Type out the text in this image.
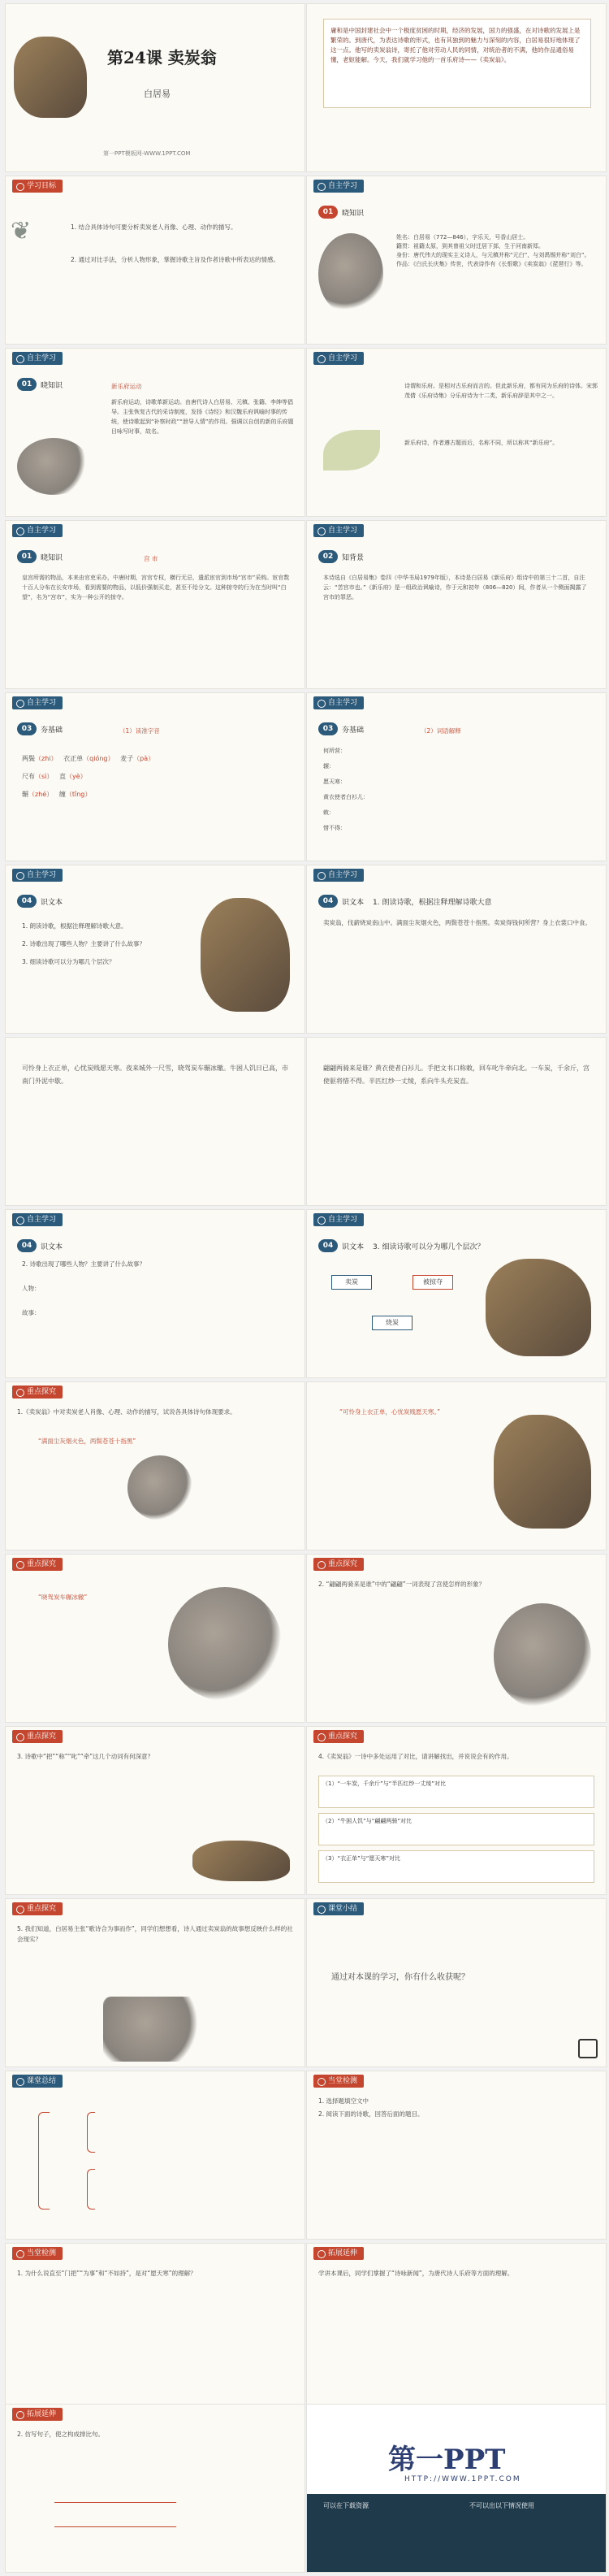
第24课 卖炭翁
白居易
第一PPT模板网-WWW.1PPT.COM
庸和是中国封建社会中一个极度贫困的时期，经济的发展，国力的强盛，在对诗歌的发展上是繁荣的。到唐代，为表达诗歌的形式，也有其独到的魅力与深刻的内容，白居易很好地体现了这一点。他写的卖炭翁诗，寄托了他对劳动人民的同情，对统治者的不满，他的作品通俗易懂，老妪能解。今天，我们就学习他的一首乐府诗——《卖炭翁》。
学习目标
❦	1. 结合具体诗句可要分析卖炭老人肖像、心理、动作的描写。
2. 通过对比手法，分析人物形象，掌握诗歌主旨及作者诗歌中所表达的情感。
自主学习
01	晓知识
姓名：白居易（772—846），字乐天，号香山居士。
籍贯：祖籍太原，到其曾祖父时迁居下邽，生于河南新郑。
身份：唐代伟大的现实主义诗人，与元稹并称“元白”，与刘禹锡并称“刘白”。
作品：《白氏长庆集》传世，代表诗作有《长恨歌》《卖炭翁》《琵琶行》等。
自主学习
01	晓知识	新乐府运动
新乐府运动，诗歌革新运动。由唐代诗人白居易、元稹、张籍、李绅等倡导。主张恢复古代的采诗制度，发扬《诗经》和汉魏乐府讽喻时事的传统，使诗歌起到“补察时政”“泄导人情”的作用。强调以自创的新的乐府题目咏写时事，故名。
自主学习
诗谓和乐府。是相对古乐府而言的。但此新乐府，都有同为乐府的诗体。宋郭茂倩《乐府诗集》分乐府诗为十二类，新乐府辞是其中之一。
新乐府诗，作者遵古题而后，名称不同，所以称其“新乐府”。
自主学习
01	晓知识	宫 市
皇宫所需的物品，本来由官吏采办，中唐时期，宫官专权，横行无忌，遣派宦官到市场“宫市”采购。宦官数十百人分布在长安市场，看到需要的物品，以低价强制买走，甚至不给分文。这种掠夺的行为在当时叫“白望”，名为“宫市”，实为一种公开的掠夺。
自主学习
02	知背景
本诗选自《白居易集》卷四（中华书局1979年版），本诗是白居易《新乐府》组诗中的第三十二首，自注云：“苦宫市也。”《新乐府》是一组政治讽喻诗，作于元和初年（806—820）间，作者从一个侧面揭露了宫市的罪恶。
自主学习
03	夯基础	（1）读准字音
两鬓（zhi） 衣正单（qióng） 麦子（pà）
尺布（sì） 直（yè）
辗（zhé） 缠（tǐng）
自主学习
03	夯基础	（2）词语解释
何所营：
辗：
愿天寒：
黄衣使者白衫儿：
敕：
惜不得：
自主学习
04	识文本
1. 朗读诗歌，根据注释理解诗歌大意。
2. 诗歌出现了哪些人物？主要讲了什么故事？
3. 细读诗歌可以分为哪几个层次？
自主学习
04	识文本 1. 朗读诗歌，根据注释理解诗歌大意
卖炭翁，伐薪烧炭南山中。满面尘灰烟火色，两鬓苍苍十指黑。卖炭得钱何所营？身上衣裳口中食。
可怜身上衣正单，心忧炭贱愿天寒。夜来城外一尺雪，晓驾炭车辗冰辙。牛困人饥日已高，市南门外泥中歇。
翩翩两骑来是谁？黄衣使者白衫儿。手把文书口称敕，回车叱牛牵向北。一车炭，千余斤，宫使驱将惜不得。半匹红纱一丈绫，系向牛头充炭直。
自主学习
04	识文本
2. 诗歌出现了哪些人物？主要讲了什么故事？
人物：
故事：
自主学习
04	识文本 3. 细读诗歌可以分为哪几个层次？
卖炭	被掠夺
烧炭
重点探究
1.《卖炭翁》中对卖炭老人肖像、心理、动作的描写，试说各具体诗句体现要求。
“满面尘灰烟火色，两鬓苍苍十指黑”
“可怜身上衣正单，心忧炭贱愿天寒。”
重点探究
“晓驾炭车辗冰辙”
重点探究
2. “翩翩两骑来是谁”中的“翩翩”一词表现了宫使怎样的形象？
重点探究
3. 诗歌中“把”“称”“叱”“牵”这几个动词有何深意？
重点探究
4.《卖炭翁》一诗中多处运用了对比，请讲解找出，并说说会有的作用。
（1）“一车炭，千余斤”与“半匹红纱一丈绫”对比
（2）“牛困人饥”与“翩翩两骑”对比
（3）“衣正单”与“愿天寒”对比
重点探究
5. 我们知道，白居易主张“歌诗合为事而作”，同学们想想看，诗人通过卖炭翁的故事想反映什么样的社会现实？
课堂小结
通过对本课的学习，你有什么收获呢？
课堂总结	当堂检测
1. 选择题填空文中
2. 阅读下面的诗歌，回答后面的题目。
当堂检测
1. 为什么说直至“门把”“为事”和“不如持”，是对“愿天寒”的理解？
拓展延伸
学讲本课后，同学们掌握了“诗咏新闻”，为唐代诗人乐府等方面的理解。
拓展延伸
2. 仿写句子，使之构成排比句。
第一PPT
HTTP://WWW.1PPT.COM
可以在下载资源	不可以出以下情况使用
